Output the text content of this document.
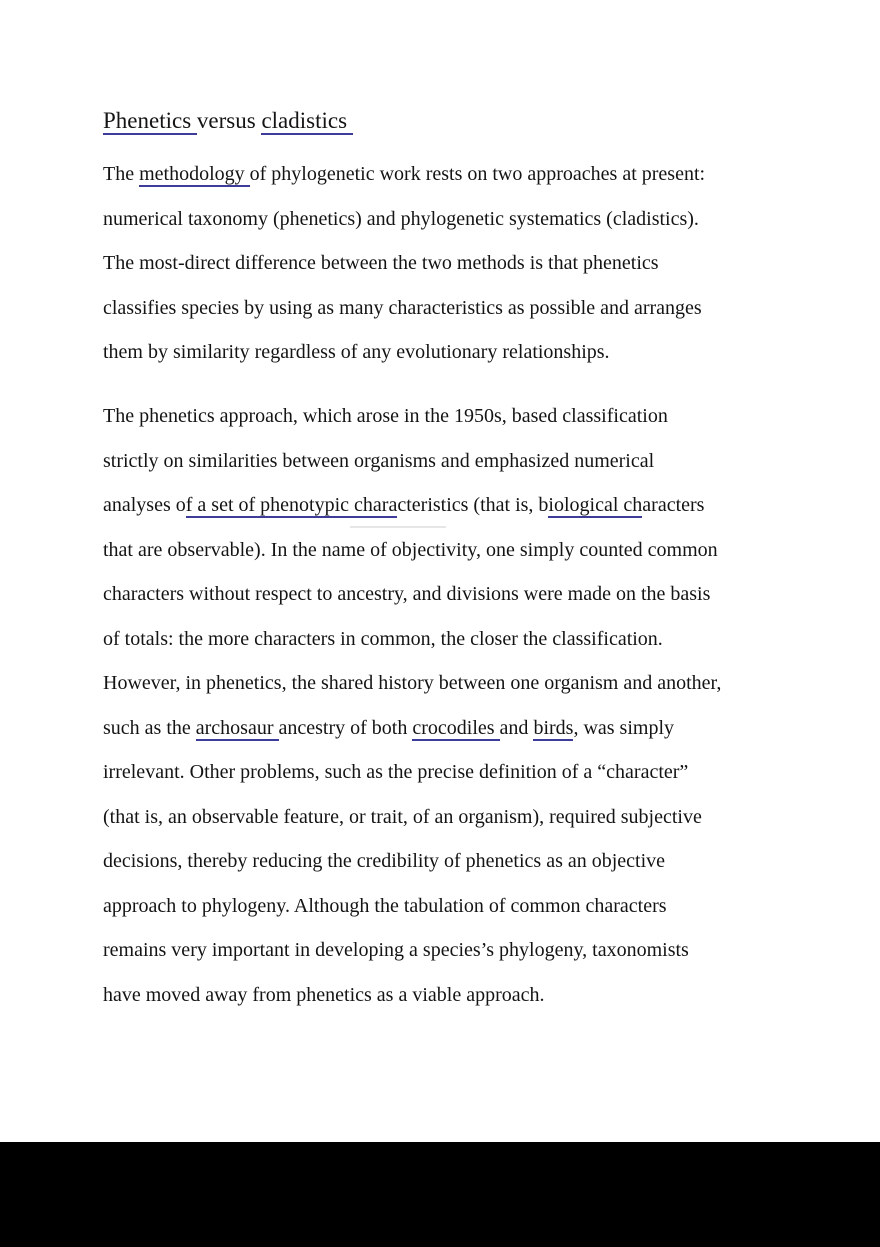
Phenetics versus cladistics
The methodology of phylogenetic work rests on two approaches at present:
numerical taxonomy (phenetics) and phylogenetic systematics (cladistics).
The most-direct difference between the two methods is that phenetics
classifies species by using as many characteristics as possible and arranges
them by similarity regardless of any evolutionary relationships.
The phenetics approach, which arose in the 1950s, based classification
strictly on similarities between organisms and emphasized numerical
analyses of a set of phenotypic characteristics (that is, biological characters
that are observable). In the name of objectivity, one simply counted common
characters without respect to ancestry, and divisions were made on the basis
of totals: the more characters in common, the closer the classification.
However, in phenetics, the shared history between one organism and another,
such as the archosaur ancestry of both crocodiles and birds, was simply
irrelevant. Other problems, such as the precise definition of a “character”
(that is, an observable feature, or trait, of an organism), required subjective
decisions, thereby reducing the credibility of phenetics as an objective
approach to phylogeny. Although the tabulation of common characters
remains very important in developing a species’s phylogeny, taxonomists
have moved away from phenetics as a viable approach.
